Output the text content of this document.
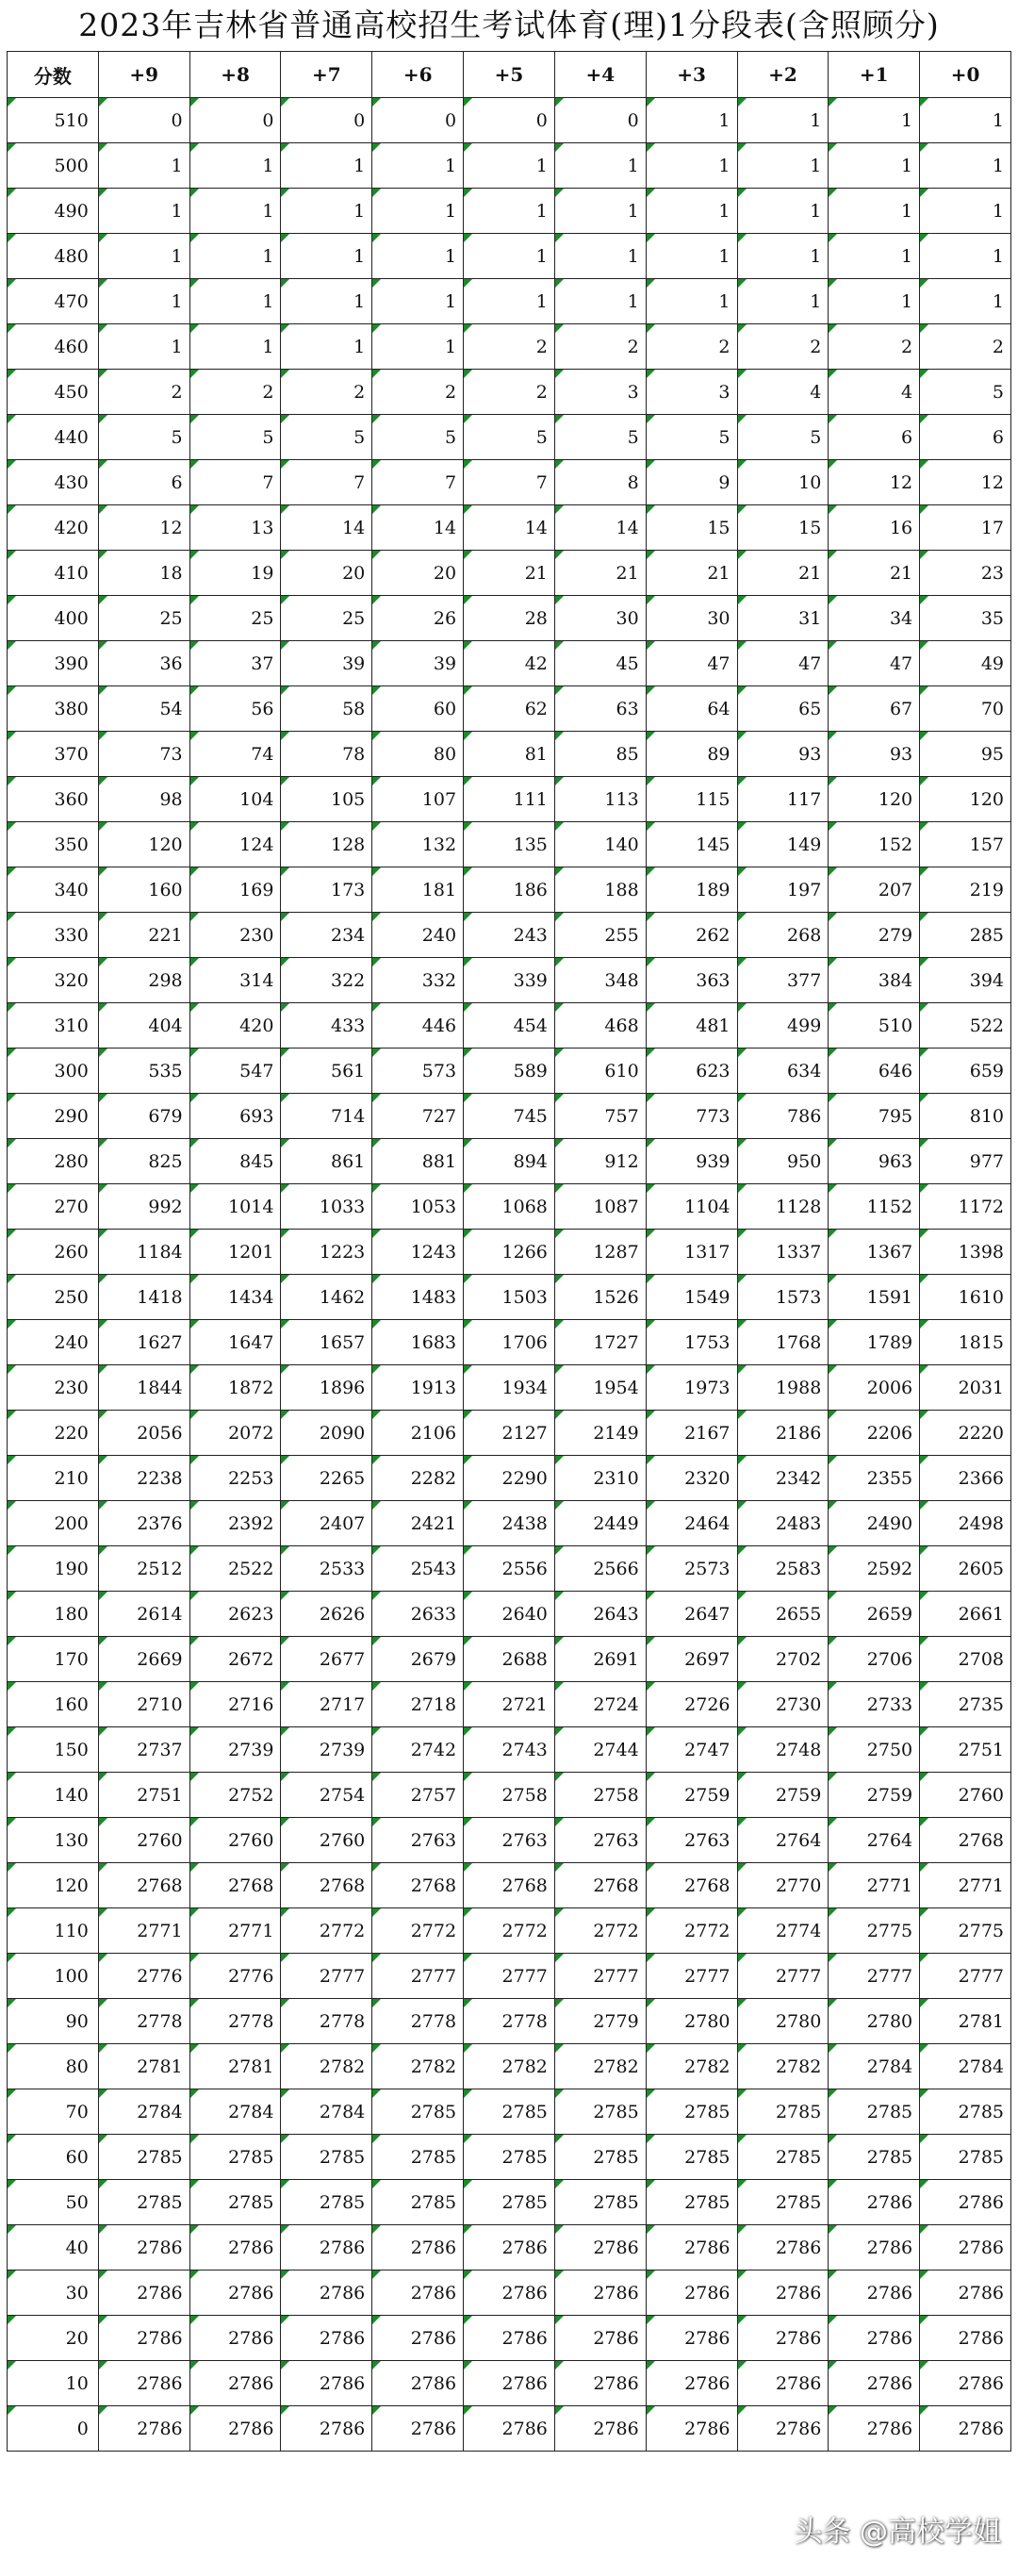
2023年吉林省普通高校招生考试体育(理)1分段表(含照顾分)
分数	+9	+8	+7	+6	+5	+4	+3	+2	+1	+0
510	0	0	0	0	0	0	1	1	1	1
500	1	1	1	1	1	1	1	1	1	1
490	1	1	1	1	1	1	1	1	1	1
480	1	1	1	1	1	1	1	1	1	1
470	1	1	1	1	1	1	1	1	1	1
460	1	1	1	1	2	2	2	2	2	2
450	2	2	2	2	2	3	3	4	4	5
440	5	5	5	5	5	5	5	5	6	6
430	6	7	7	7	7	8	9	10	12	12
420	12	13	14	14	14	14	15	15	16	17
410	18	19	20	20	21	21	21	21	21	23
400	25	25	25	26	28	30	30	31	34	35
390	36	37	39	39	42	45	47	47	47	49
380	54	56	58	60	62	63	64	65	67	70
370	73	74	78	80	81	85	89	93	93	95
360	98	104	105	107	111	113	115	117	120	120
350	120	124	128	132	135	140	145	149	152	157
340	160	169	173	181	186	188	189	197	207	219
330	221	230	234	240	243	255	262	268	279	285
320	298	314	322	332	339	348	363	377	384	394
310	404	420	433	446	454	468	481	499	510	522
300	535	547	561	573	589	610	623	634	646	659
290	679	693	714	727	745	757	773	786	795	810
280	825	845	861	881	894	912	939	950	963	977
270	992	1014	1033	1053	1068	1087	1104	1128	1152	1172
260	1184	1201	1223	1243	1266	1287	1317	1337	1367	1398
250	1418	1434	1462	1483	1503	1526	1549	1573	1591	1610
240	1627	1647	1657	1683	1706	1727	1753	1768	1789	1815
230	1844	1872	1896	1913	1934	1954	1973	1988	2006	2031
220	2056	2072	2090	2106	2127	2149	2167	2186	2206	2220
210	2238	2253	2265	2282	2290	2310	2320	2342	2355	2366
200	2376	2392	2407	2421	2438	2449	2464	2483	2490	2498
190	2512	2522	2533	2543	2556	2566	2573	2583	2592	2605
180	2614	2623	2626	2633	2640	2643	2647	2655	2659	2661
170	2669	2672	2677	2679	2688	2691	2697	2702	2706	2708
160	2710	2716	2717	2718	2721	2724	2726	2730	2733	2735
150	2737	2739	2739	2742	2743	2744	2747	2748	2750	2751
140	2751	2752	2754	2757	2758	2758	2759	2759	2759	2760
130	2760	2760	2760	2763	2763	2763	2763	2764	2764	2768
120	2768	2768	2768	2768	2768	2768	2768	2770	2771	2771
110	2771	2771	2772	2772	2772	2772	2772	2774	2775	2775
100	2776	2776	2777	2777	2777	2777	2777	2777	2777	2777
90	2778	2778	2778	2778	2778	2779	2780	2780	2780	2781
80	2781	2781	2782	2782	2782	2782	2782	2782	2784	2784
70	2784	2784	2784	2785	2785	2785	2785	2785	2785	2785
60	2785	2785	2785	2785	2785	2785	2785	2785	2785	2785
50	2785	2785	2785	2785	2785	2785	2785	2785	2786	2786
40	2786	2786	2786	2786	2786	2786	2786	2786	2786	2786
30	2786	2786	2786	2786	2786	2786	2786	2786	2786	2786
20	2786	2786	2786	2786	2786	2786	2786	2786	2786	2786
10	2786	2786	2786	2786	2786	2786	2786	2786	2786	2786
0	2786	2786	2786	2786	2786	2786	2786	2786	2786	2786
头条 @高校学姐
